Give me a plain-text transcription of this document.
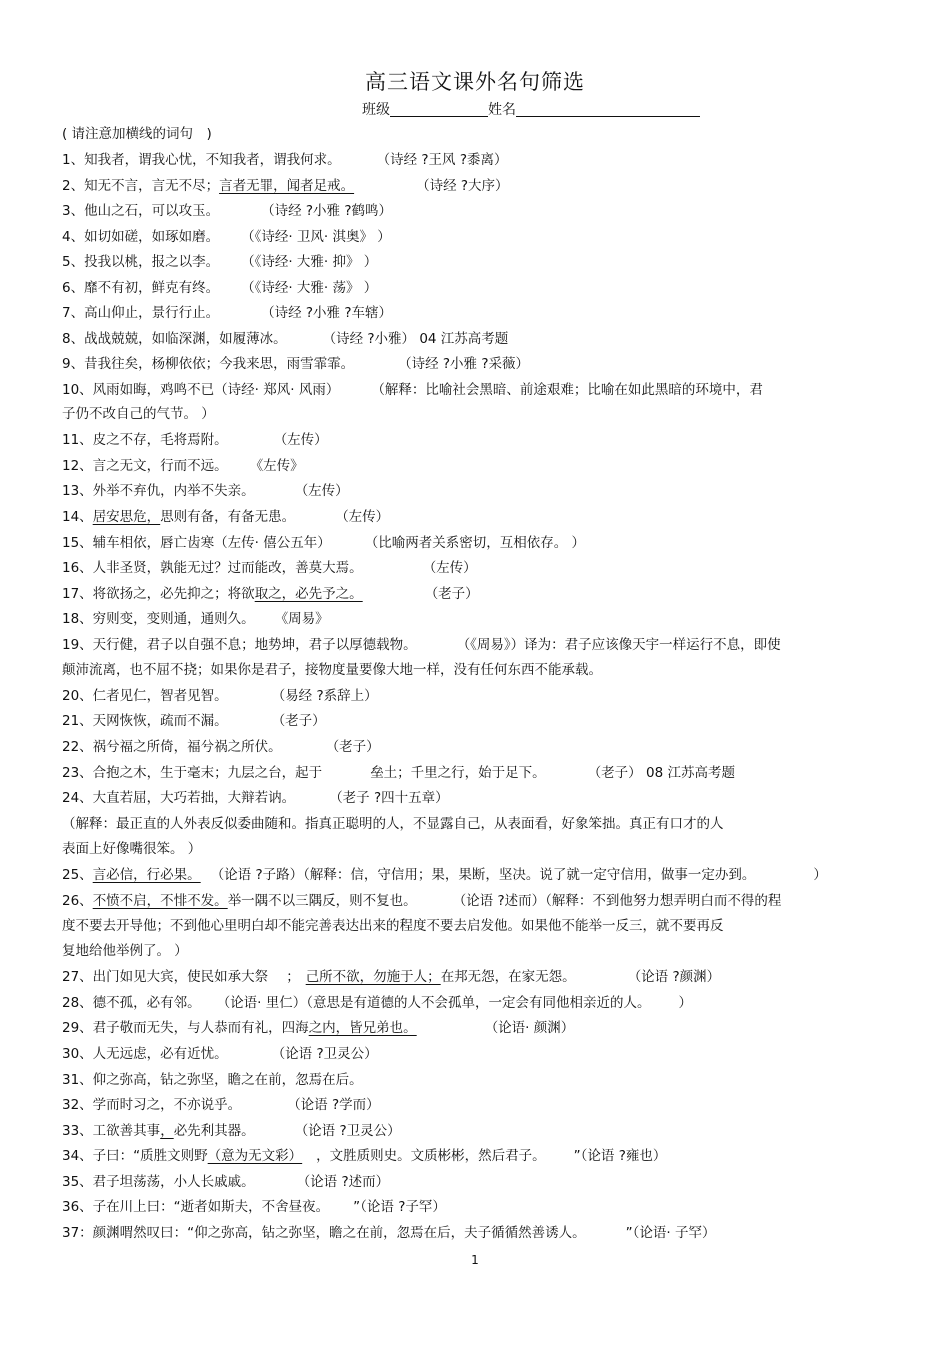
高三语文课外名句筛选
班级	姓名
( 请注意加横线的词句　)
1、知我者，谓我心忧，不知我者，谓我何求。	（诗经 ?王风 ?黍离）
2、知无不言，言无不尽；言者无罪，闻者足戒。	（诗经 ?大序）
3、他山之石，可以攻玉。	（诗经 ?小雅 ?鹤鸣）
4、如切如磋，如琢如磨。 （《诗经· 卫风· 淇奥》 ）
5、投我以桃，报之以李。 （《诗经· 大雅· 抑》 ）
6、靡不有初，鲜克有终。 （《诗经· 大雅· 荡》 ）
7、高山仰止，景行行止。	（诗经 ?小雅 ?车辖）
8、战战兢兢，如临深渊，如履薄冰。	（诗经 ?小雅） 04 江苏高考题
9、昔我往矣，杨柳依依；今我来思，雨雪霏霏。	（诗经 ?小雅 ?采薇）
10、风雨如晦，鸡鸣不已（诗经· 郑风· 风雨） （解释：比喻社会黑暗、前途艰难；比喻在如此黑暗的环境中，君
子仍不改自己的气节。 ）
11、皮之不存，毛将焉附。	（左传）
12、言之无文，行而不远。 《左传》
13、外举不弃仇，内举不失亲。	（左传）
14、居安思危，思则有备，有备无患。	（左传）
15、辅车相依，唇亡齿寒（左传· 僖公五年）	（比喻两者关系密切，互相依存。 ）
16、人非圣贤，孰能无过？过而能改，善莫大焉。	（左传）
17、将欲扬之，必先抑之；将欲取之，必先予之。	（老子）
18、穷则变，变则通，通则久。 《周易》
19、天行健，君子以自强不息；地势坤，君子以厚德载物。	（《周易》）译为：君子应该像天宇一样运行不息，即使
颠沛流离，也不屈不挠；如果你是君子，接物度量要像大地一样，没有任何东西不能承载。
20、仁者见仁，智者见智。	（易经 ?系辞上）
21、天网恢恢，疏而不漏。	（老子）
22、祸兮福之所倚，福兮祸之所伏。	（老子）
23、合抱之木，生于毫末；九层之台，起于	垒土；千里之行，始于足下。	（老子） 08 江苏高考题
24、大直若屈，大巧若拙，大辩若讷。	（老子 ?四十五章）
（解释：最正直的人外表反似委曲随和。指真正聪明的人，不显露自己，从表面看，好象笨拙。真正有口才的人
表面上好像嘴很笨。 ）
25、言必信，行必果。 （论语 ?子路）（解释：信，守信用；果，果断，坚决。说了就一定守信用，做事一定办到。	）
26、不愤不启，不悱不发。举一隅不以三隅反，则不复也。	（论语 ?述而）（解释：不到他努力想弄明白而不得的程
度不要去开导他；不到他心里明白却不能完善表达出来的程度不要去启发他。如果他不能举一反三，就不要再反
复地给他举例了。 ）
27、出门如见大宾，使民如承大祭 ； 己所不欲，勿施于人；在邦无怨，在家无怨。	（论语 ?颜渊）
28、德不孤，必有邻。 （论语· 里仁）（意思是有道德的人不会孤单，一定会有同他相亲近的人。 ）
29、君子敬而无失，与人恭而有礼，四海之内，皆兄弟也。	（论语· 颜渊）
30、人无远虑，必有近忧。	（论语 ?卫灵公）
31、仰之弥高，钻之弥坚，瞻之在前，忽焉在后。
32、学而时习之，不亦说乎。	（论语 ?学而）
33、工欲善其事，必先利其器。	（论语 ?卫灵公）
34、子曰：“质胜文则野（意为无文彩） ，文胜质则史。文质彬彬，然后君子。 ”（论语 ?雍也）
35、君子坦荡荡，小人长戚戚。	（论语 ?述而）
36、子在川上曰：“逝者如斯夫，不舍昼夜。 ”（论语 ?子罕）
37：颜渊喟然叹曰：“仰之弥高，钻之弥坚，瞻之在前，忽焉在后，夫子循循然善诱人。	”（论语· 子罕）
1
